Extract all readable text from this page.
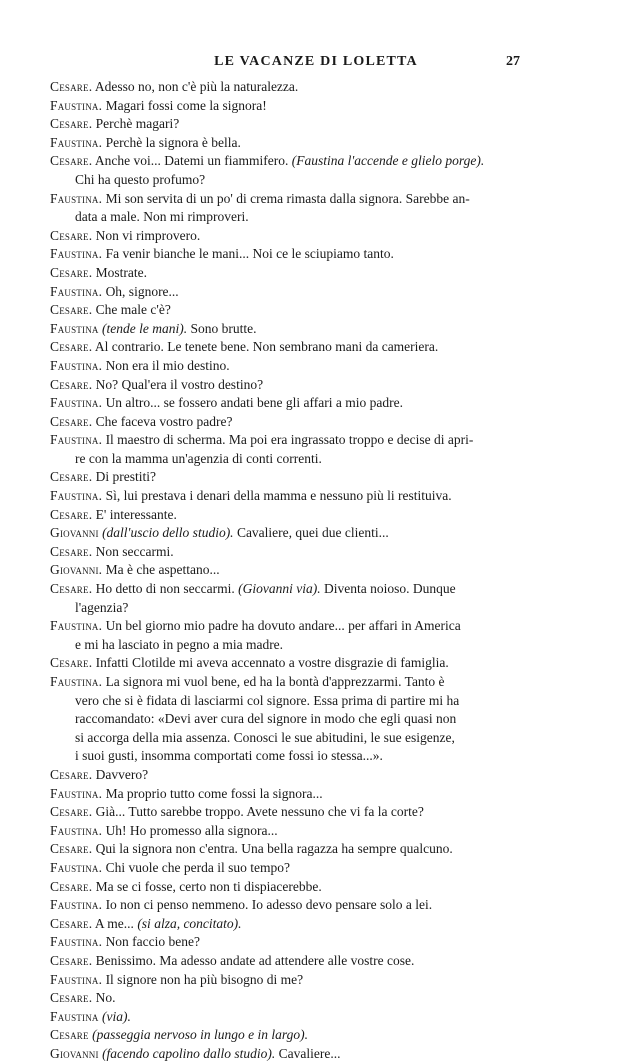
LE VACANZE DI LOLETTA	27
Cesare. Adesso no, non c'è più la naturalezza.
Faustina. Magari fossi come la signora!
Cesare. Perchè magari?
Faustina. Perchè la signora è bella.
Cesare. Anche voi... Datemi un fiammifero. (Faustina l'accende e glielo porge).
Chi ha questo profumo?
Faustina. Mi son servita di un po' di crema rimasta dalla signora. Sarebbe an-
data a male. Non mi rimproveri.
Cesare. Non vi rimprovero.
Faustina. Fa venir bianche le mani... Noi ce le sciupiamo tanto.
Cesare. Mostrate.
Faustina. Oh, signore...
Cesare. Che male c'è?
Faustina (tende le mani). Sono brutte.
Cesare. Al contrario. Le tenete bene. Non sembrano mani da cameriera.
Faustina. Non era il mio destino.
Cesare. No? Qual'era il vostro destino?
Faustina. Un altro... se fossero andati bene gli affari a mio padre.
Cesare. Che faceva vostro padre?
Faustina. Il maestro di scherma. Ma poi era ingrassato troppo e decise di apri-
re con la mamma un'agenzia di conti correnti.
Cesare. Di prestiti?
Faustina. Sì, lui prestava i denari della mamma e nessuno più li restituiva.
Cesare. E' interessante.
Giovanni (dall'uscio dello studio). Cavaliere, quei due clienti...
Cesare. Non seccarmi.
Giovanni. Ma è che aspettano...
Cesare. Ho detto di non seccarmi. (Giovanni via). Diventa noioso. Dunque
l'agenzia?
Faustina. Un bel giorno mio padre ha dovuto andare... per affari in America
e mi ha lasciato in pegno a mia madre.
Cesare. Infatti Clotilde mi aveva accennato a vostre disgrazie di famiglia.
Faustina. La signora mi vuol bene, ed ha la bontà d'apprezzarmi. Tanto è
vero che si è fidata di lasciarmi col signore. Essa prima di partire mi ha
raccomandato: «Devi aver cura del signore in modo che egli quasi non
si accorga della mia assenza. Conosci le sue abitudini, le sue esigenze,
i suoi gusti, insomma comportati come fossi io stessa...».
Cesare. Davvero?
Faustina. Ma proprio tutto come fossi la signora...
Cesare. Già... Tutto sarebbe troppo. Avete nessuno che vi fa la corte?
Faustina. Uh! Ho promesso alla signora...
Cesare. Qui la signora non c'entra. Una bella ragazza ha sempre qualcuno.
Faustina. Chi vuole che perda il suo tempo?
Cesare. Ma se ci fosse, certo non ti dispiacerebbe.
Faustina. Io non ci penso nemmeno. Io adesso devo pensare solo a lei.
Cesare. A me... (si alza, concitato).
Faustina. Non faccio bene?
Cesare. Benissimo. Ma adesso andate ad attendere alle vostre cose.
Faustina. Il signore non ha più bisogno di me?
Cesare. No.
Faustina (via).
Cesare (passeggia nervoso in lungo e in largo).
Giovanni (facendo capolino dallo studio). Cavaliere...
